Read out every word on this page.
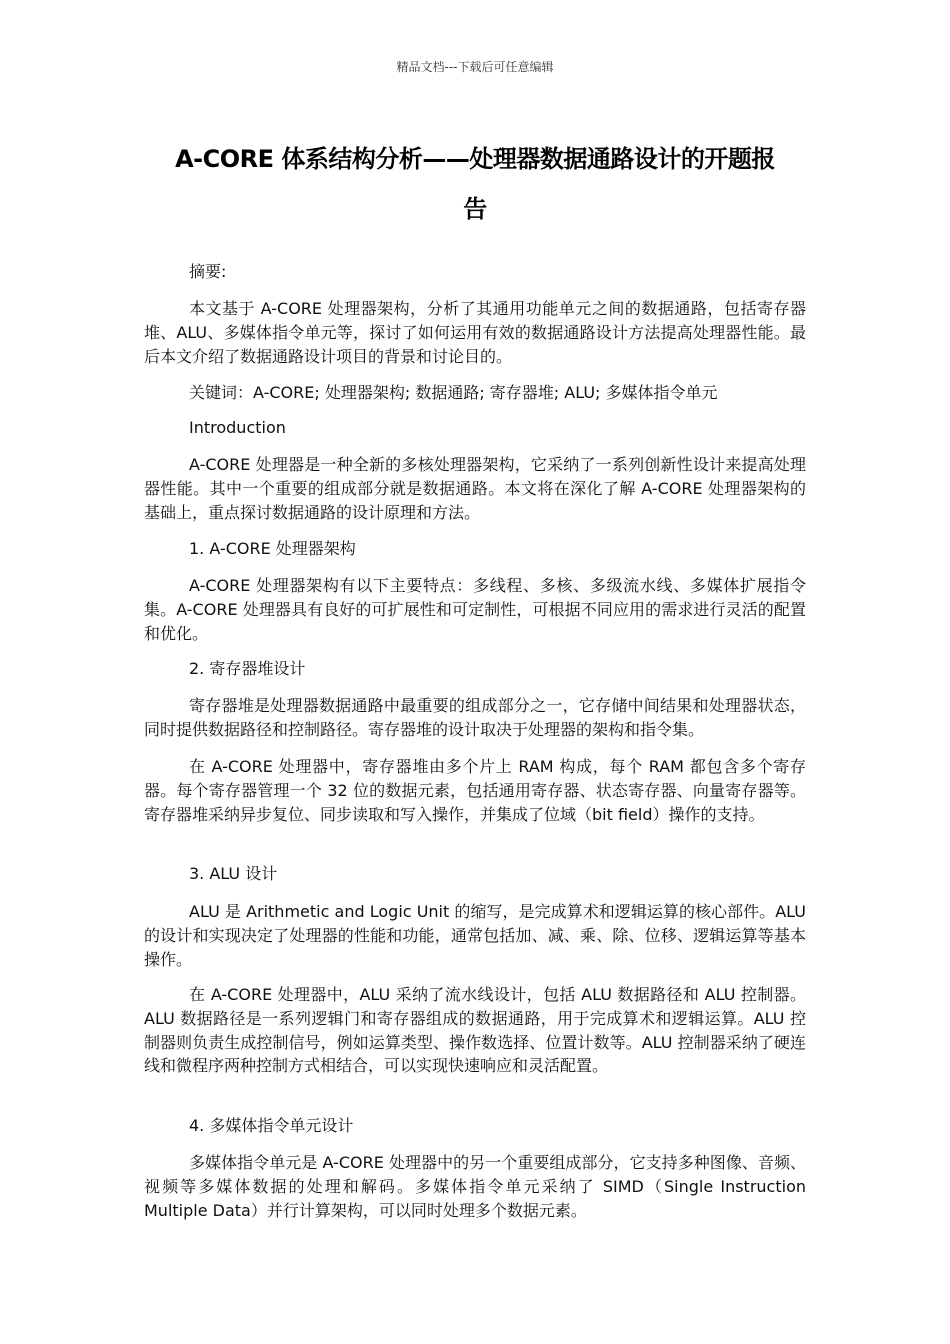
精品文档---下载后可任意编辑
A-CORE 体系结构分析——处理器数据通路设计的开题报
告

摘要:

本文基于 A-CORE 处理器架构，分析了其通用功能单元之间的数据通路，包括寄存器堆、ALU、多媒体指令单元等，探讨了如何运用有效的数据通路设计方法提高处理器性能。最后本文介绍了数据通路设计项目的背景和讨论目的。

关键词：A-CORE; 处理器架构; 数据通路; 寄存器堆; ALU; 多媒体指令单元

Introduction

A-CORE 处理器是一种全新的多核处理器架构，它采纳了一系列创新性设计来提高处理器性能。其中一个重要的组成部分就是数据通路。本文将在深化了解 A-CORE 处理器架构的基础上，重点探讨数据通路的设计原理和方法。

1. A-CORE 处理器架构

A-CORE 处理器架构有以下主要特点：多线程、多核、多级流水线、多媒体扩展指令集。A-CORE 处理器具有良好的可扩展性和可定制性，可根据不同应用的需求进行灵活的配置和优化。

2. 寄存器堆设计

寄存器堆是处理器数据通路中最重要的组成部分之一，它存储中间结果和处理器状态，同时提供数据路径和控制路径。寄存器堆的设计取决于处理器的架构和指令集。

在 A-CORE 处理器中，寄存器堆由多个片上 RAM 构成，每个 RAM 都包含多个寄存器。每个寄存器管理一个 32 位的数据元素，包括通用寄存器、状态寄存器、向量寄存器等。寄存器堆采纳异步复位、同步读取和写入操作，并集成了位域（bit field）操作的支持。

3. ALU 设计

ALU 是 Arithmetic and Logic Unit 的缩写，是完成算术和逻辑运算的核心部件。ALU 的设计和实现决定了处理器的性能和功能，通常包括加、减、乘、除、位移、逻辑运算等基本操作。

在 A-CORE 处理器中，ALU 采纳了流水线设计，包括 ALU 数据路径和 ALU 控制器。ALU 数据路径是一系列逻辑门和寄存器组成的数据通路，用于完成算术和逻辑运算。ALU 控制器则负责生成控制信号，例如运算类型、操作数选择、位置计数等。ALU 控制器采纳了硬连线和微程序两种控制方式相结合，可以实现快速响应和灵活配置。

4. 多媒体指令单元设计

多媒体指令单元是 A-CORE 处理器中的另一个重要组成部分，它支持多种图像、音频、视频等多媒体数据的处理和解码。多媒体指令单元采纳了 SIMD（Single Instruction Multiple Data）并行计算架构，可以同时处理多个数据元素。
